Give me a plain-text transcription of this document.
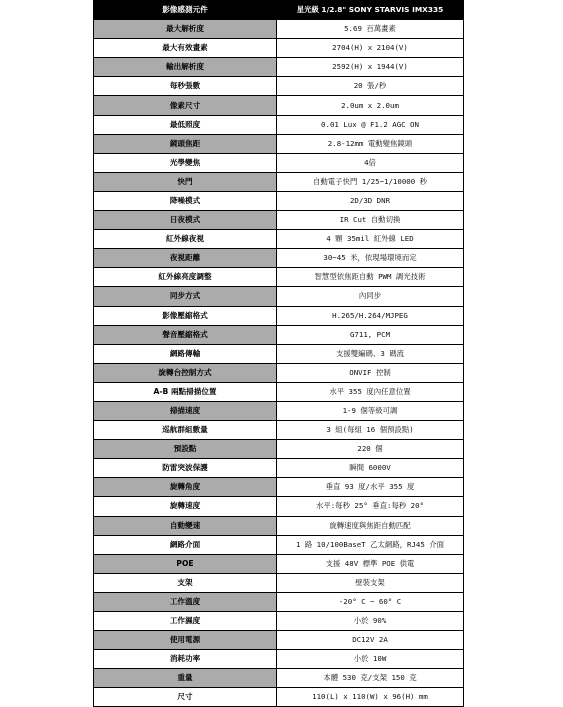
影像感測元件	星光級 1/2.8" SONY STARVIS IMX335
最大解析度	5.69 百萬畫素
最大有效畫素	2704(H) x 2104(V)
輸出解析度	2592(H) x 1944(V)
每秒張數	20 張/秒
像素尺寸	2.0um x 2.0um
最低照度	0.01 Lux @ F1.2 AGC ON
鏡頭焦距	2.8-12mm 電動變焦鏡頭
光學變焦	4倍
快門	自動電子快門 1/25~1/10000 秒
降噪模式	2D/3D DNR
日夜模式	IR Cut 自動切換
紅外線夜視	4 顆 35mil 紅外線 LED
夜視距離	30~45 米，依現場環境而定
紅外線亮度調整	智慧型依焦距自動 PWM 調光技術
同步方式	內同步
影像壓縮格式	H.265/H.264/MJPEG
聲音壓縮格式	G711, PCM
網路傳輸	支援雙編碼、3 碼流
旋轉台控制方式	ONVIF 控制
A-B 兩點掃描位置	水平 355 度內任意位置
掃描速度	1-9 個等級可調
巡航群組數量	3 組(每組 16 個預設點)
預設點	220 個
防雷突波保護	瞬間 6000V
旋轉角度	垂直 93 度/水平 355 度
旋轉速度	水平:每秒 25° 垂直:每秒 20°
自動變速	旋轉速度與焦距自動匹配
網路介面	1 路 10/100BaseT 乙太網路，RJ45 介面
POE	支援 48V 標準 POE 供電
支架	壁裝支架
工作溫度	-20° C ~ 60° C
工作濕度	小於 90%
使用電源	DC12V 2A
消耗功率	小於 10W
重量	本體 530 克/支架 150 克
尺寸	110(L) x 110(W) x 96(H) mm
